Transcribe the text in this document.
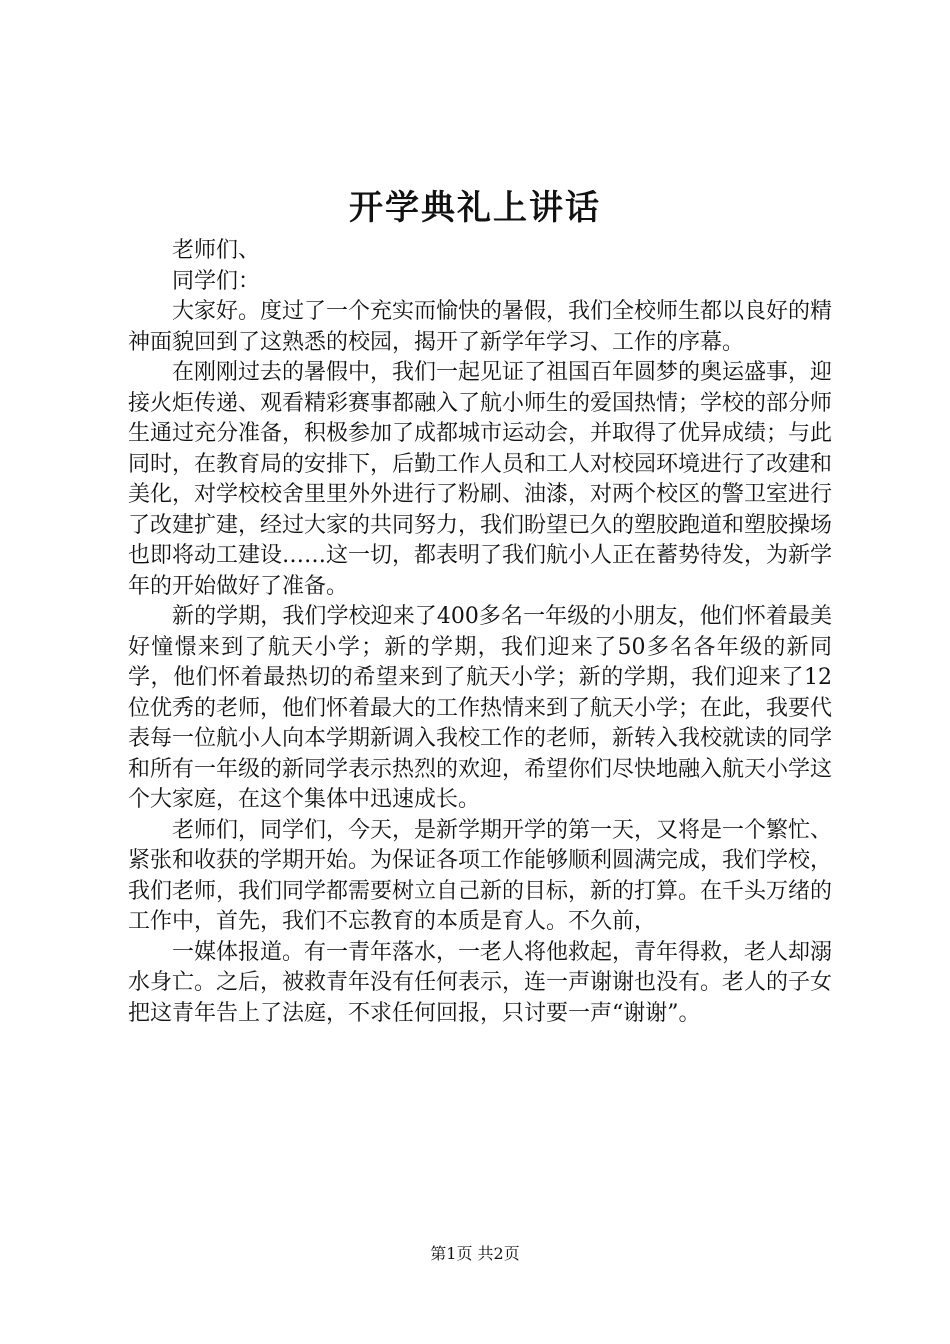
开学典礼上讲话

老师们、

同学们：

大家好。度过了一个充实而愉快的暑假，我们全校师生都以良好的精神面貌回到了这熟悉的校园，揭开了新学年学习、工作的序幕。

在刚刚过去的暑假中，我们一起见证了祖国百年圆梦的奥运盛事，迎接火炬传递、观看精彩赛事都融入了航小师生的爱国热情；学校的部分师生通过充分准备，积极参加了成都城市运动会，并取得了优异成绩；与此同时，在教育局的安排下，后勤工作人员和工人对校园环境进行了改建和美化，对学校校舍里里外外进行了粉刷、油漆，对两个校区的警卫室进行了改建扩建，经过大家的共同努力，我们盼望已久的塑胶跑道和塑胶操场也即将动工建设……这一切，都表明了我们航小人正在蓄势待发，为新学年的开始做好了准备。

新的学期，我们学校迎来了400多名一年级的小朋友，他们怀着最美好憧憬来到了航天小学；新的学期，我们迎来了50多名各年级的新同学，他们怀着最热切的希望来到了航天小学；新的学期，我们迎来了12位优秀的老师，他们怀着最大的工作热情来到了航天小学；在此，我要代表每一位航小人向本学期新调入我校工作的老师，新转入我校就读的同学和所有一年级的新同学表示热烈的欢迎，希望你们尽快地融入航天小学这个大家庭，在这个集体中迅速成长。

老师们，同学们，今天，是新学期开学的第一天，又将是一个繁忙、紧张和收获的学期开始。为保证各项工作能够顺利圆满完成，我们学校，我们老师，我们同学都需要树立自己新的目标，新的打算。在千头万绪的工作中，首先，我们不忘教育的本质是育人。不久前，

一媒体报道。有一青年落水，一老人将他救起，青年得救，老人却溺水身亡。之后，被救青年没有任何表示，连一声谢谢也没有。老人的子女把这青年告上了法庭，不求任何回报，只讨要一声“谢谢”。

第1页 共2页
